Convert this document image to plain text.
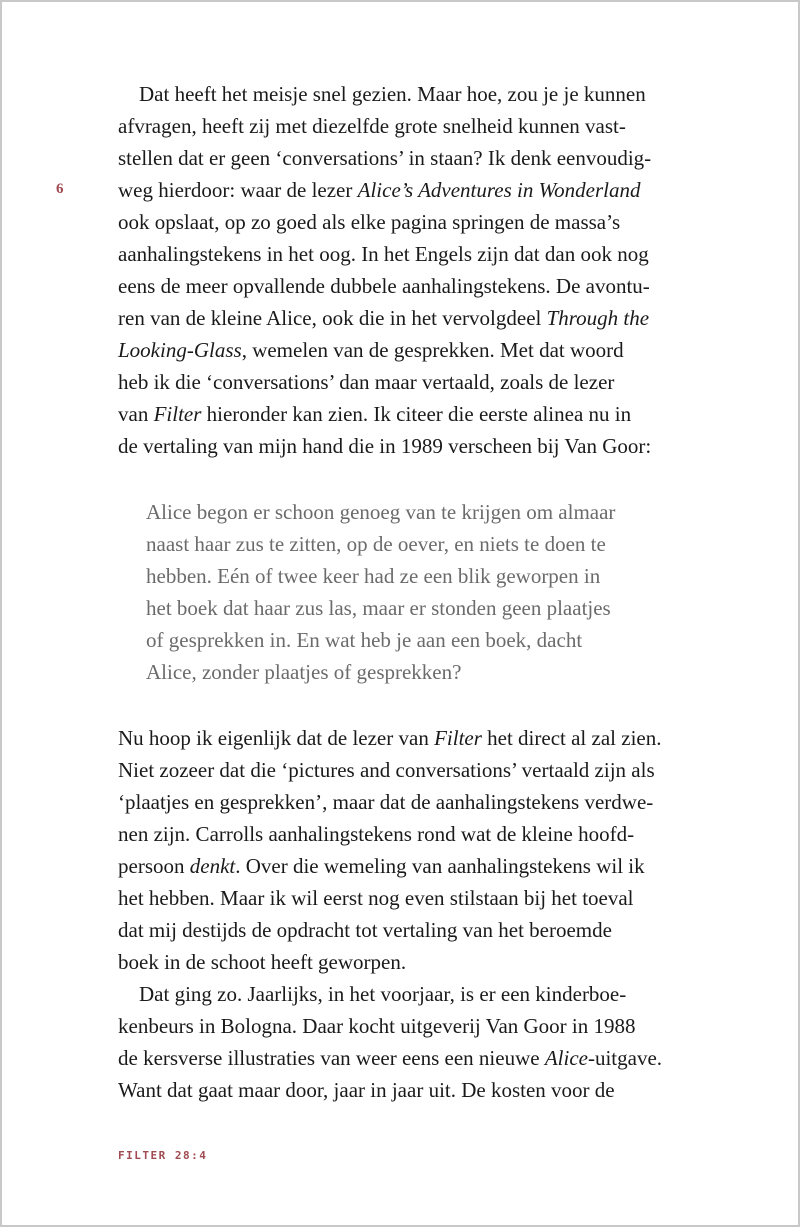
6

Dat heeft het meisje snel gezien. Maar hoe, zou je je kunnen
afvragen, heeft zij met diezelfde grote snelheid kunnen vast-
stellen dat er geen ‘conversations’ in staan? Ik denk eenvoudig-
weg hierdoor: waar de lezer Alice’s Adventures in Wonderland
ook opslaat, op zo goed als elke pagina springen de massa’s
aanhalingstekens in het oog. In het Engels zijn dat dan ook nog
eens de meer opvallende dubbele aanhalingstekens. De avontu-
ren van de kleine Alice, ook die in het vervolgdeel Through the
Looking-Glass, wemelen van de gesprekken. Met dat woord
heb ik die ‘conversations’ dan maar vertaald, zoals de lezer
van Filter hieronder kan zien. Ik citeer die eerste alinea nu in
de vertaling van mijn hand die in 1989 verscheen bij Van Goor:

Alice begon er schoon genoeg van te krijgen om almaar
naast haar zus te zitten, op de oever, en niets te doen te
hebben. Eén of twee keer had ze een blik geworpen in
het boek dat haar zus las, maar er stonden geen plaatjes
of gesprekken in. En wat heb je aan een boek, dacht
Alice, zonder plaatjes of gesprekken?

Nu hoop ik eigenlijk dat de lezer van Filter het direct al zal zien.
Niet zozeer dat die ‘pictures and conversations’ vertaald zijn als
‘plaatjes en gesprekken’, maar dat de aanhalingstekens verdwe-
nen zijn. Carrolls aanhalingstekens rond wat de kleine hoofd-
persoon denkt. Over die wemeling van aanhalingstekens wil ik
het hebben. Maar ik wil eerst nog even stilstaan bij het toeval
dat mij destijds de opdracht tot vertaling van het beroemde
boek in de schoot heeft geworpen.

Dat ging zo. Jaarlijks, in het voorjaar, is er een kinderboe-
kenbeurs in Bologna. Daar kocht uitgeverij Van Goor in 1988
de kersverse illustraties van weer eens een nieuwe Alice-uitgave.
Want dat gaat maar door, jaar in jaar uit. De kosten voor de

FILTER 28:4
